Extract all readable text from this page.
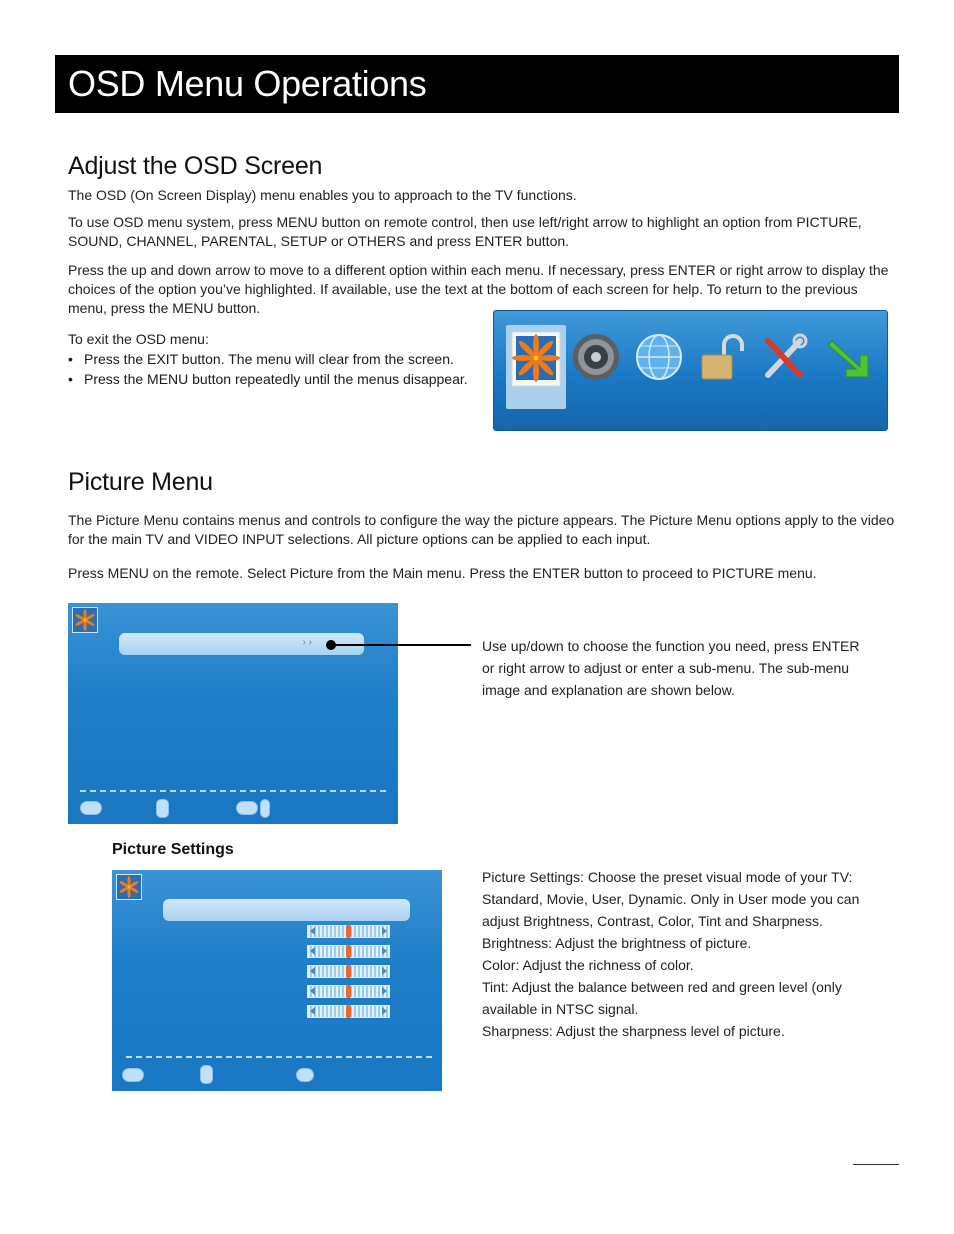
OSD Menu Operations
Adjust the OSD Screen

The OSD (On Screen Display) menu enables you to approach to the TV functions.

To use OSD menu system, press MENU button on remote control, then use left/right arrow to highlight an option from PICTURE, SOUND, CHANNEL, PARENTAL, SETUP or OTHERS and press ENTER button.

Press the up and down arrow to move to a different option within each menu. If necessary, press ENTER or right arrow to display the choices of the option you’ve highlighted. If available, use the text at the bottom of each screen for help. To return to the previous menu, press the MENU button.

To exit the OSD menu:

• Press the EXIT button. The menu will clear from the screen.
• Press the MENU button repeatedly until the menus disappear.
Picture Menu

The Picture Menu contains menus and controls to configure the way the picture appears. The Picture Menu options apply to the video for the main TV and VIDEO INPUT selections. All picture options can be applied to each input.

Press MENU on the remote. Select Picture from the Main menu. Press the ENTER button to proceed to PICTURE menu.

› ›	Use up/down to choose the function you need, press ENTER or right arrow to adjust or enter a sub-menu. The sub-menu image and explanation are shown below.

Picture Settings

Picture Settings: Choose the preset visual mode of your TV: Standard, Movie, User, Dynamic. Only in User mode you can adjust Brightness, Contrast, Color, Tint and Sharpness.

Brightness: Adjust the brightness of picture.

Color: Adjust the richness of color.

Tint: Adjust the balance between red and green level (only available in NTSC signal.

Sharpness: Adjust the sharpness level of picture.
